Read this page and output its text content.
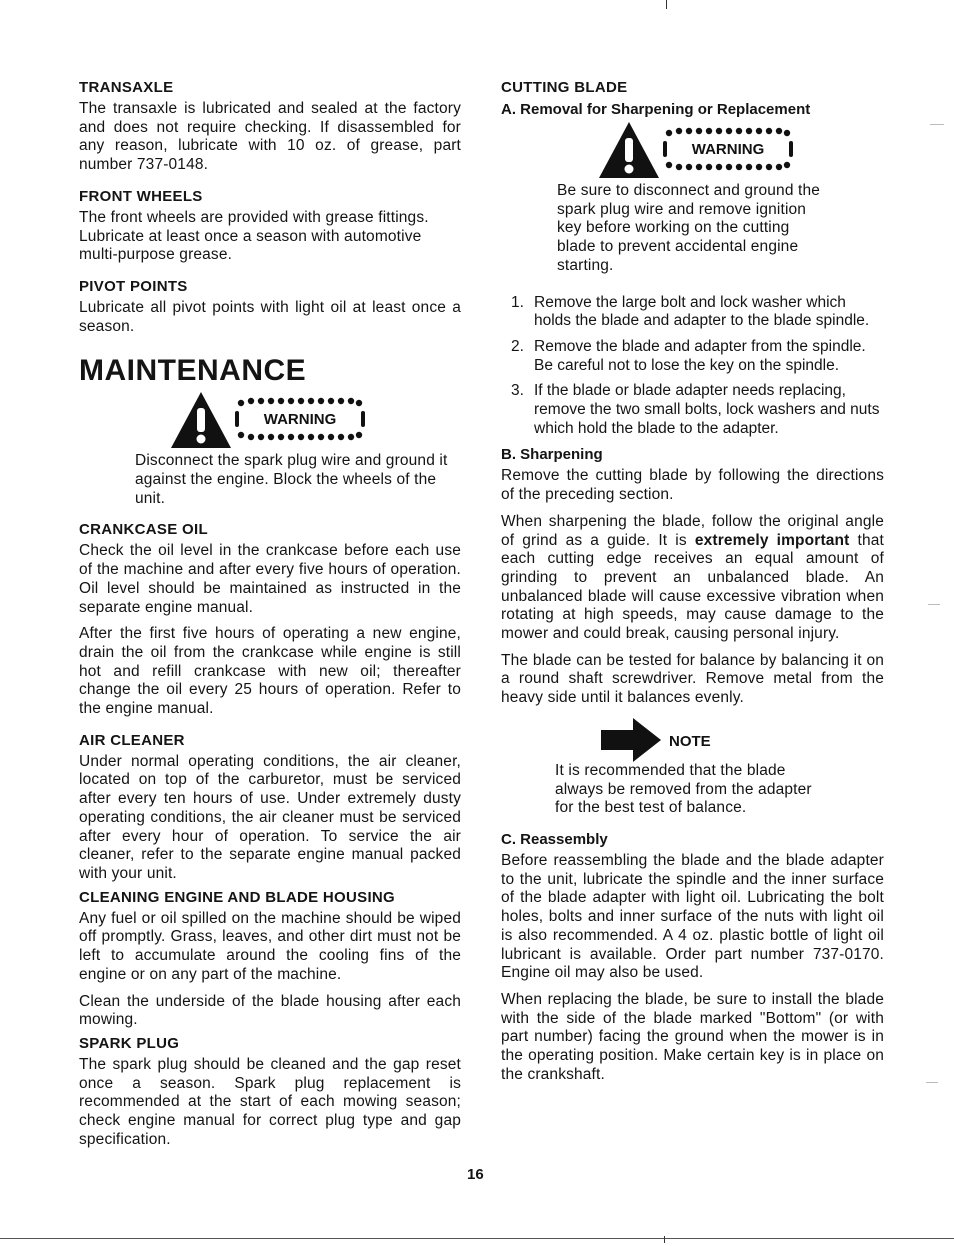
TRANSAXLE

The transaxle is lubricated and sealed at the factory and does not require checking. If disassembled for any reason, lubricate with 10 oz. of grease, part number 737-0148.

FRONT WHEELS

The front wheels are provided with grease fittings. Lubricate at least once a season with automotive multi-purpose grease.

PIVOT POINTS

Lubricate all pivot points with light oil at least once a season.

MAINTENANCE
WARNING

Disconnect the spark plug wire and ground it against the engine. Block the wheels of the unit.

CRANKCASE OIL

Check the oil level in the crankcase before each use of the machine and after every five hours of operation. Oil level should be maintained as instructed in the separate engine manual.

After the first five hours of operating a new engine, drain the oil from the crankcase while engine is still hot and refill crankcase with new oil; thereafter change the oil every 25 hours of operation. Refer to the engine manual.

AIR CLEANER

Under normal operating conditions, the air cleaner, located on top of the carburetor, must be serviced after every ten hours of use. Under extremely dusty operating conditions, the air cleaner must be serviced after every hour of operation. To service the air cleaner, refer to the separate engine manual packed with your unit.

CLEANING ENGINE AND BLADE HOUSING

Any fuel or oil spilled on the machine should be wiped off promptly. Grass, leaves, and other dirt must not be left to accumulate around the cooling fins of the engine or on any part of the machine.

Clean the underside of the blade housing after each mowing.

SPARK PLUG

The spark plug should be cleaned and the gap reset once a season. Spark plug replacement is recommended at the start of each mowing season; check engine manual for correct plug type and gap specification.

CUTTING BLADE
A. Removal for Sharpening or Replacement
WARNING

Be sure to disconnect and ground the spark plug wire and remove ignition key before working on the cutting blade to prevent accidental engine starting.

1. Remove the large bolt and lock washer which holds the blade and adapter to the blade spindle.
2. Remove the blade and adapter from the spindle. Be careful not to lose the key on the spindle.
3. If the blade or blade adapter needs replacing, remove the two small bolts, lock washers and nuts which hold the blade to the adapter.
B. Sharpening

Remove the cutting blade by following the directions of the preceding section.

When sharpening the blade, follow the original angle of grind as a guide. It is extremely important that each cutting edge receives an equal amount of grinding to prevent an unbalanced blade. An unbalanced blade will cause excessive vibration when rotating at high speeds, may cause damage to the mower and could break, causing personal injury.

The blade can be tested for balance by balancing it on a round shaft screwdriver. Remove metal from the heavy side until it balances evenly.

NOTE

It is recommended that the blade always be removed from the adapter for the best test of balance.

C. Reassembly

Before reassembling the blade and the blade adapter to the unit, lubricate the spindle and the inner surface of the blade adapter with light oil. Lubricating the bolt holes, bolts and inner surface of the nuts with light oil is also recommended. A 4 oz. plastic bottle of light oil lubricant is available. Order part number 737-0170. Engine oil may also be used.

When replacing the blade, be sure to install the blade with the side of the blade marked "Bottom" (or with part number) facing the ground when the mower is in the operating position. Make certain key is in place on the crankshaft.

16
